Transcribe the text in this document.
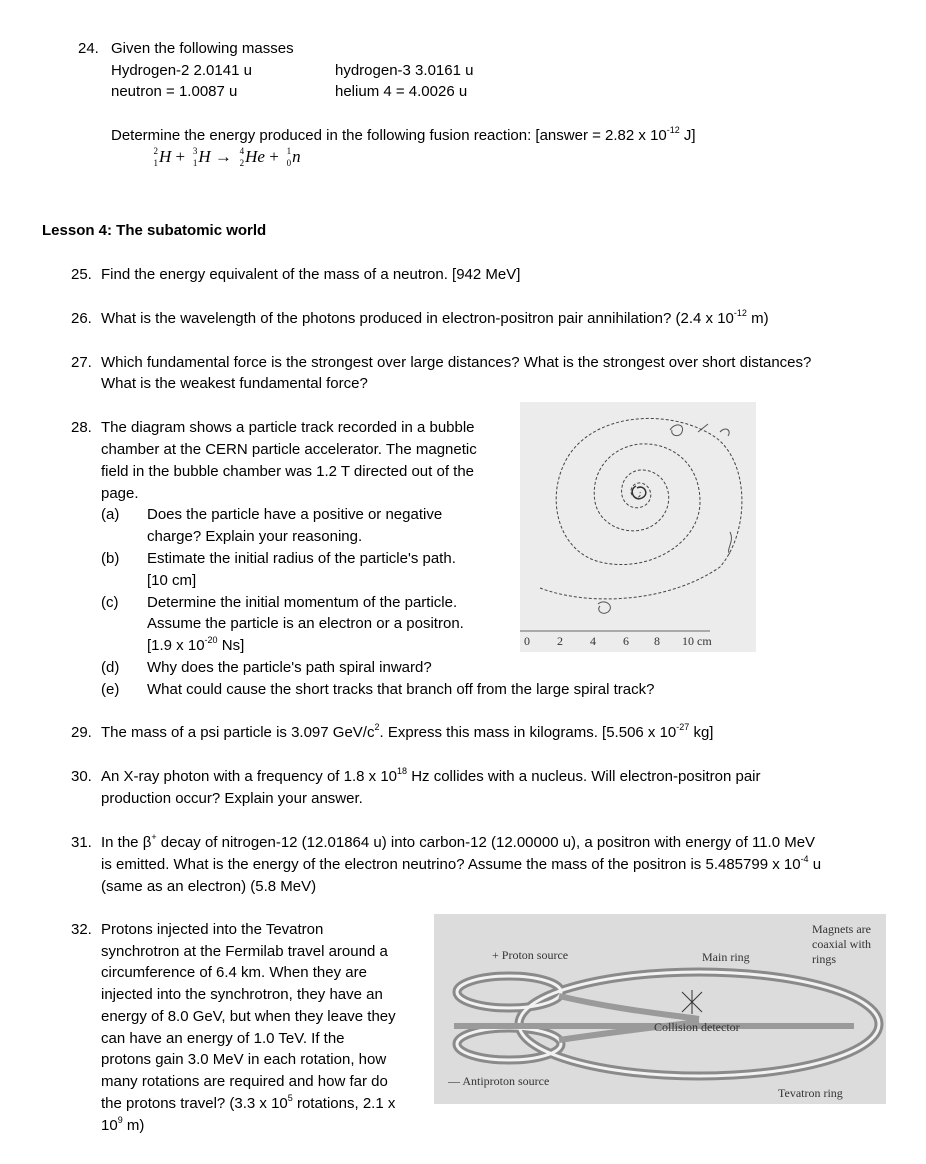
24. Given the following masses
Hydrogen-2 2.0141 u	hydrogen-3 3.0161 u
neutron = 1.0087 u	helium 4 = 4.0026 u
Determine the energy produced in the following fusion reaction: [answer = 2.82 x $10^{-12}$ J]
2
1 H + 3
1 H → 4
2 He + 1
0 n
Lesson 4: The subatomic world
25. Find the energy equivalent of the mass of a neutron. [942 MeV]
26. What is the wavelength of the photons produced in electron-positron pair annihilation? (2.4 x $10^{-12}$ m)
27. Which fundamental force is the strongest over large distances? What is the strongest over short distances?
What is the weakest fundamental force?
28. The diagram shows a particle track recorded in a bubble
chamber at the CERN particle accelerator. The magnetic
field in the bubble chamber was 1.2 T directed out of the
page.
(a) Does the particle have a positive or negative
charge? Explain your reasoning.
(b) Estimate the initial radius of the particle's path.
[10 cm]
(c) Determine the initial momentum of the particle.
Assume the particle is an electron or a positron.
[1.9 x $10^{-20}$ Ns]
(d) Why does the particle's path spiral inward?
(e) What could cause the short tracks that branch off from the large spiral track?
0 2 4 6 8 10 cm
29. The mass of a psi particle is 3.097 GeV/$c^2$. Express this mass in kilograms. [5.506 x $10^{-27}$ kg]
30. An X-ray photon with a frequency of 1.8 x $10^{18}$ Hz collides with a nucleus. Will electron-positron pair
production occur? Explain your answer.
31. In the β+ decay of nitrogen-12 (12.01864 u) into carbon-12 (12.00000 u), a positron with energy of 11.0 MeV
is emitted. What is the energy of the electron neutrino? Assume the mass of the positron is 5.485799 x $10^{-4}$ u
(same as an electron) (5.8 MeV)
32. Protons injected into the Tevatron
synchrotron at the Fermilab travel around a
circumference of 6.4 km. When they are
injected into the synchrotron, they have an
energy of 8.0 GeV, but when they leave they
can have an energy of 1.0 TeV. If the
protons gain 3.0 MeV in each rotation, how
many rotations are required and how far do
the protons travel? (3.3 x $10^5$ rotations, 2.1 x
$10^9$ m)
+ Proton source	Main ring
Magnets are
coaxial with
rings
Collision detector
— Antiproton source
Tevatron ring
